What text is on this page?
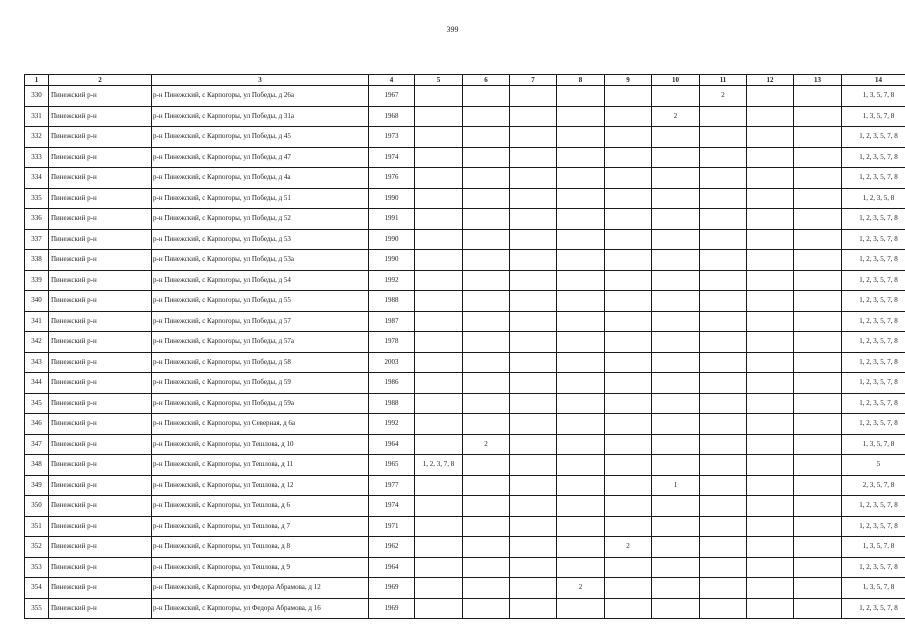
399
1	2	3	4	5	6	7	8	9	10	11	12	13	14
330	Пинежский р-н	р-н Пинежский, с Карпогоры, ул Победы, д 26а	1967							2			1, 3, 5, 7, 8
331	Пинежский р-н	р-н Пинежский, с Карпогоры, ул Победы, д 31а	1968						2				1, 3, 5, 7, 8
332	Пинежский р-н	р-н Пинежский, с Карпогоры, ул Победы, д 45	1973										1, 2, 3, 5, 7, 8
333	Пинежский р-н	р-н Пинежский, с Карпогоры, ул Победы, д 47	1974										1, 2, 3, 5, 7, 8
334	Пинежский р-н	р-н Пинежский, с Карпогоры, ул Победы, д 4а	1976										1, 2, 3, 5, 7, 8
335	Пинежский р-н	р-н Пинежский, с Карпогоры, ул Победы, д 51	1990										1, 2, 3, 5, 8
336	Пинежский р-н	р-н Пинежский, с Карпогоры, ул Победы, д 52	1991										1, 2, 3, 5, 7, 8
337	Пинежский р-н	р-н Пинежский, с Карпогоры, ул Победы, д 53	1990										1, 2, 3, 5, 7, 8
338	Пинежский р-н	р-н Пинежский, с Карпогоры, ул Победы, д 53а	1990										1, 2, 3, 5, 7, 8
339	Пинежский р-н	р-н Пинежский, с Карпогоры, ул Победы, д 54	1992										1, 2, 3, 5, 7, 8
340	Пинежский р-н	р-н Пинежский, с Карпогоры, ул Победы, д 55	1988										1, 2, 3, 5, 7, 8
341	Пинежский р-н	р-н Пинежский, с Карпогоры, ул Победы, д 57	1987										1, 2, 3, 5, 7, 8
342	Пинежский р-н	р-н Пинежский, с Карпогоры, ул Победы, д 57а	1978										1, 2, 3, 5, 7, 8
343	Пинежский р-н	р-н Пинежский, с Карпогоры, ул Победы, д 58	2003										1, 2, 3, 5, 7, 8
344	Пинежский р-н	р-н Пинежский, с Карпогоры, ул Победы, д 59	1986										1, 2, 3, 5, 7, 8
345	Пинежский р-н	р-н Пинежский, с Карпогоры, ул Победы, д 59а	1988										1, 2, 3, 5, 7, 8
346	Пинежский р-н	р-н Пинежский, с Карпогоры, ул Северная, д 6а	1992										1, 2, 3, 5, 7, 8
347	Пинежский р-н	р-н Пинежский, с Карпогоры, ул Тешлова, д 10	1964		2								1, 3, 5, 7, 8
348	Пинежский р-н	р-н Пинежский, с Карпогоры, ул Тешлова, д 11	1965	1, 2, 3, 7, 8									5
349	Пинежский р-н	р-н Пинежский, с Карпогоры, ул Тешлова, д 12	1977						1				2, 3, 5, 7, 8
350	Пинежский р-н	р-н Пинежский, с Карпогоры, ул Тешлова, д 6	1974										1, 2, 3, 5, 7, 8
351	Пинежский р-н	р-н Пинежский, с Карпогоры, ул Тешлова, д 7	1971										1, 2, 3, 5, 7, 8
352	Пинежский р-н	р-н Пинежский, с Карпогоры, ул Тешлова, д 8	1962					2					1, 3, 5, 7, 8
353	Пинежский р-н	р-н Пинежский, с Карпогоры, ул Тешлова, д 9	1964										1, 2, 3, 5, 7, 8
354	Пинежский р-н	р-н Пинежский, с Карпогоры, ул Федора Абрамова, д 12	1969				2						1, 3, 5, 7, 8
355	Пинежский р-н	р-н Пинежский, с Карпогоры, ул Федора Абрамова, д 16	1969										1, 2, 3, 5, 7, 8
